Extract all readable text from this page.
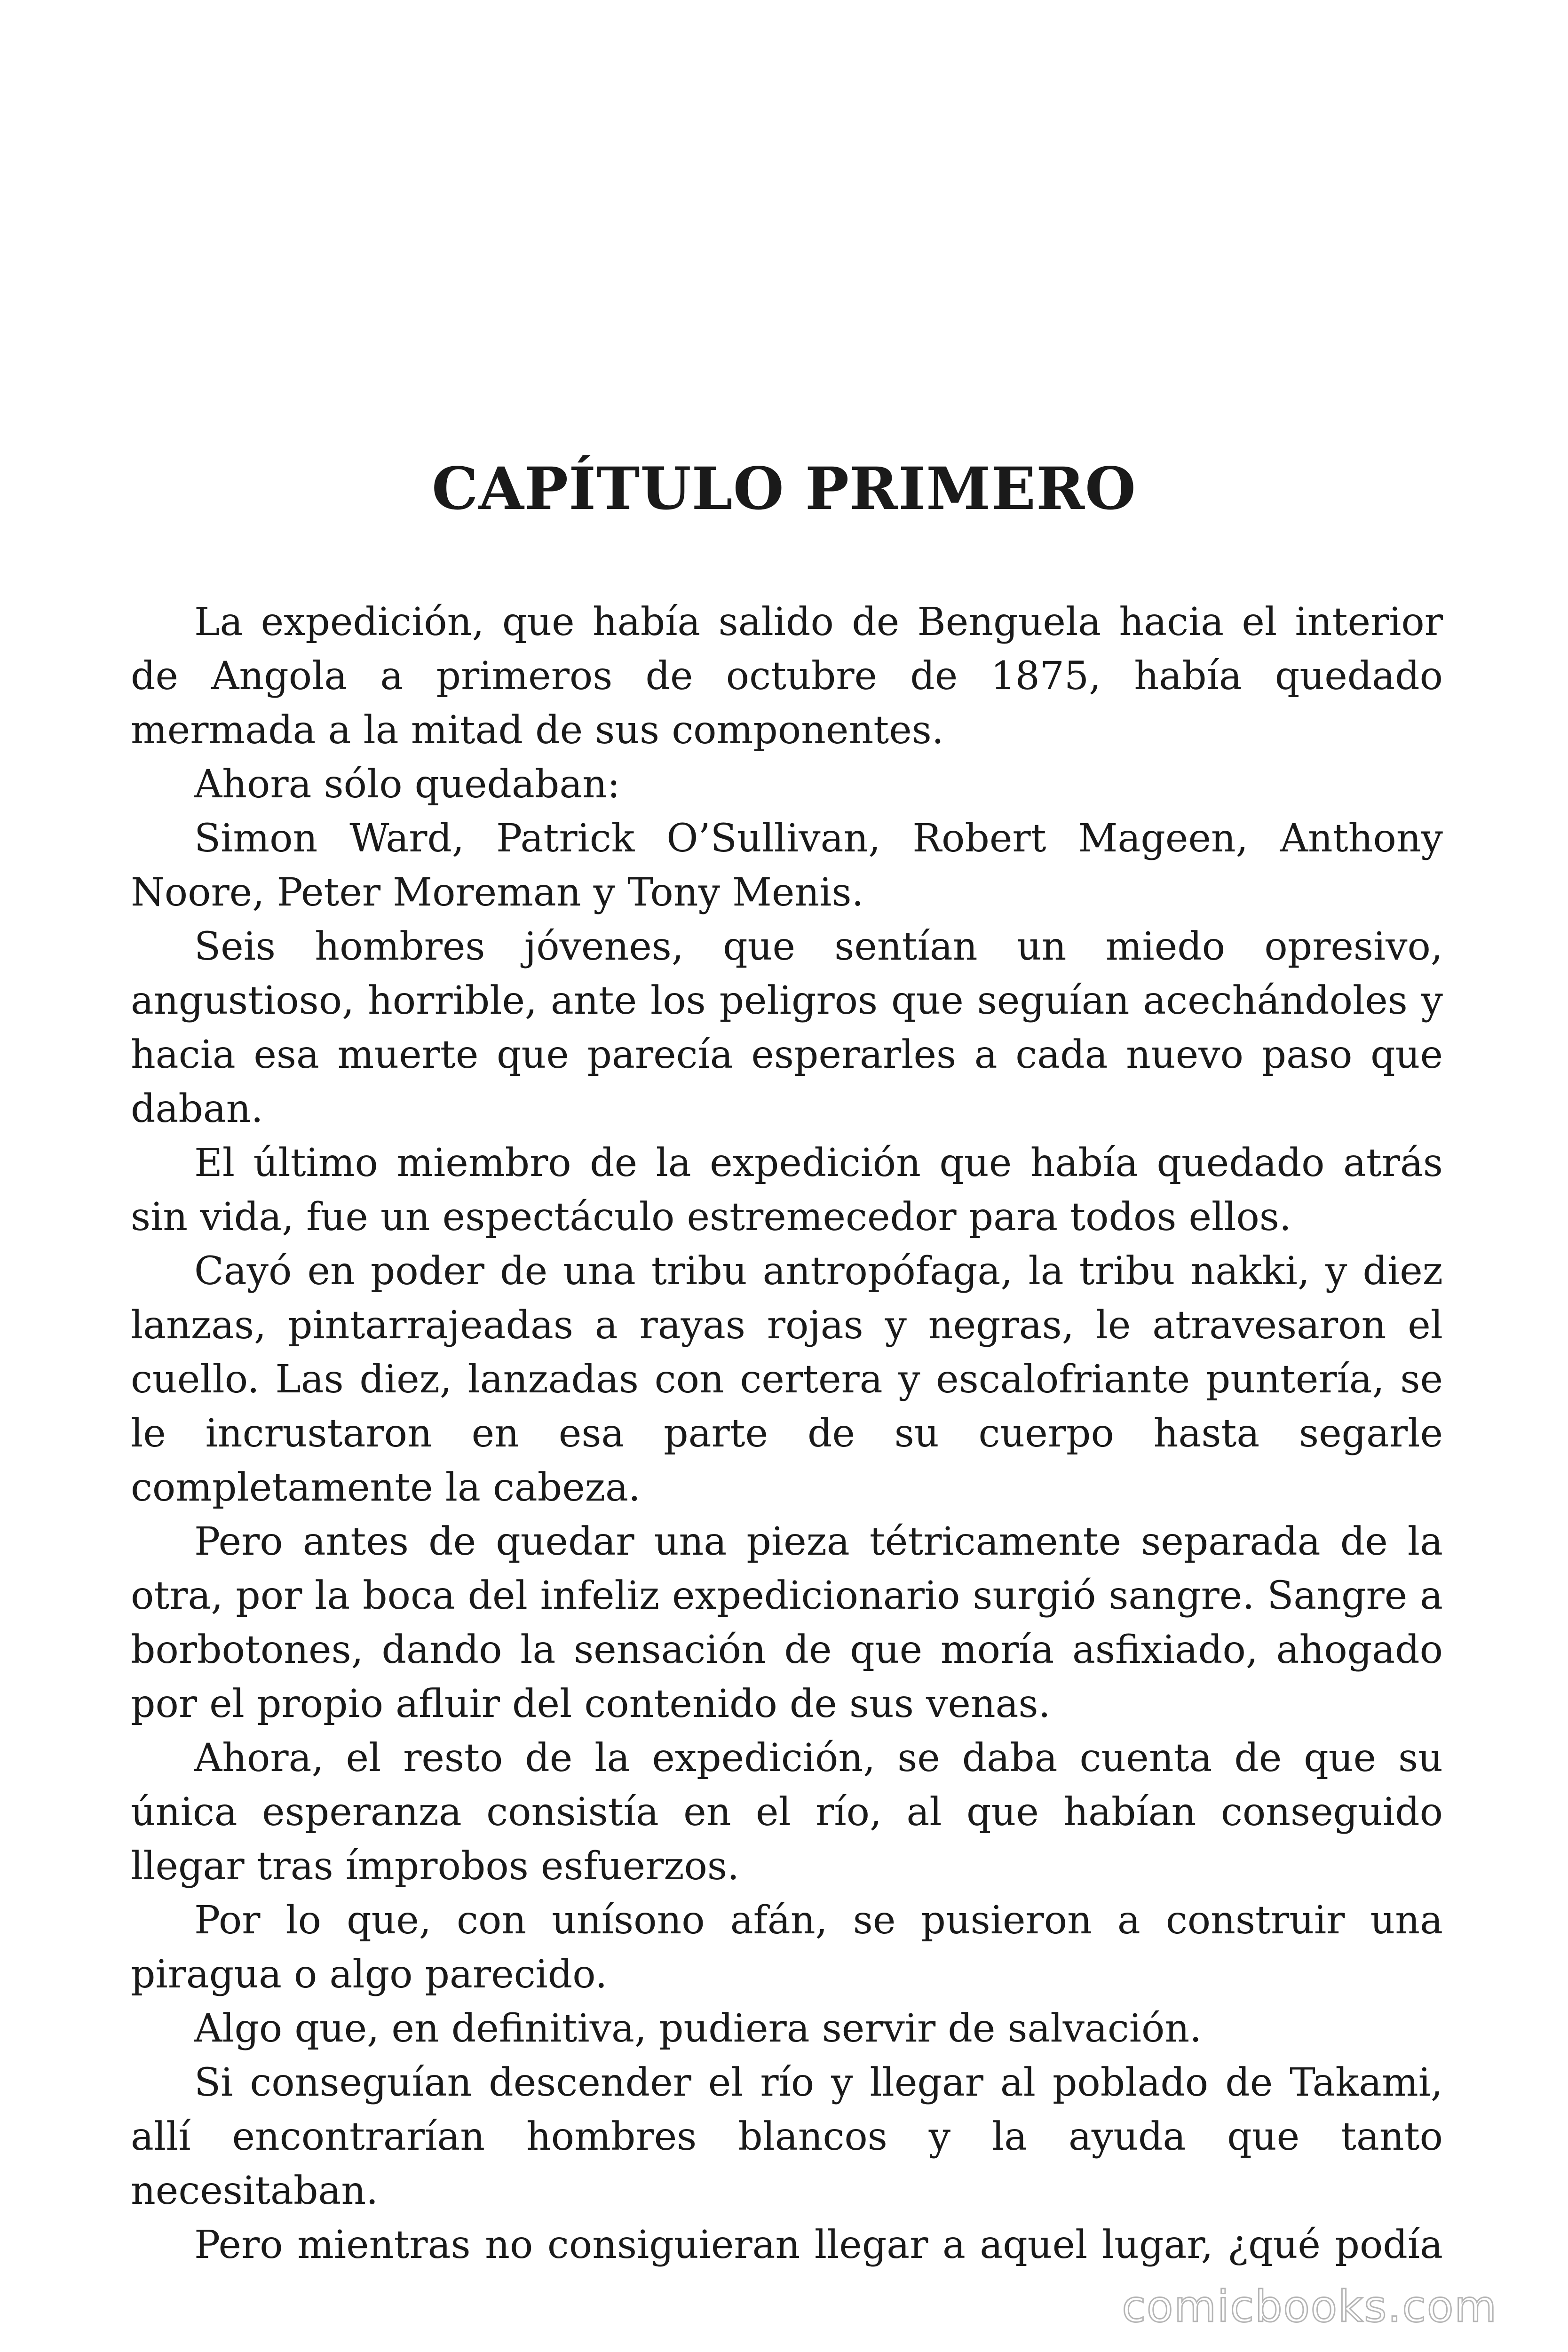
CAPÍTULO PRIMERO

La expedición, que había salido de Benguela hacia el interior de Angola a primeros de octubre de 1875, había quedado mermada a la mitad de sus componentes.

Ahora sólo quedaban:

Simon Ward, Patrick O’Sullivan, Robert Mageen, Anthony Noore, Peter Moreman y Tony Menis.

Seis hombres jóvenes, que sentían un miedo opresivo, angustioso, horrible, ante los peligros que seguían acechándoles y hacia esa muerte que parecía esperarles a cada nuevo paso que daban.

El último miembro de la expedición que había quedado atrás sin vida, fue un espectáculo estremecedor para todos ellos.

Cayó en poder de una tribu antropófaga, la tribu nakki, y diez lanzas, pintarrajeadas a rayas rojas y negras, le atravesaron el cuello. Las diez, lanzadas con certera y escalofriante puntería, se le incrustaron en esa parte de su cuerpo hasta segarle completamente la cabeza.

Pero antes de quedar una pieza tétricamente separada de la otra, por la boca del infeliz expedicionario surgió sangre. Sangre a borbotones, dando la sensación de que moría asfixiado, ahogado por el propio afluir del contenido de sus venas.

Ahora, el resto de la expedición, se daba cuenta de que su única esperanza consistía en el río, al que habían conseguido llegar tras ímprobos esfuerzos.

Por lo que, con unísono afán, se pusieron a construir una piragua o algo parecido.

Algo que, en definitiva, pudiera servir de salvación.

Si conseguían descender el río y llegar al poblado de Takami, allí encontrarían hombres blancos y la ayuda que tanto necesitaban.

Pero mientras no consiguieran llegar a aquel lugar, ¿qué podía

comicbooks.com
